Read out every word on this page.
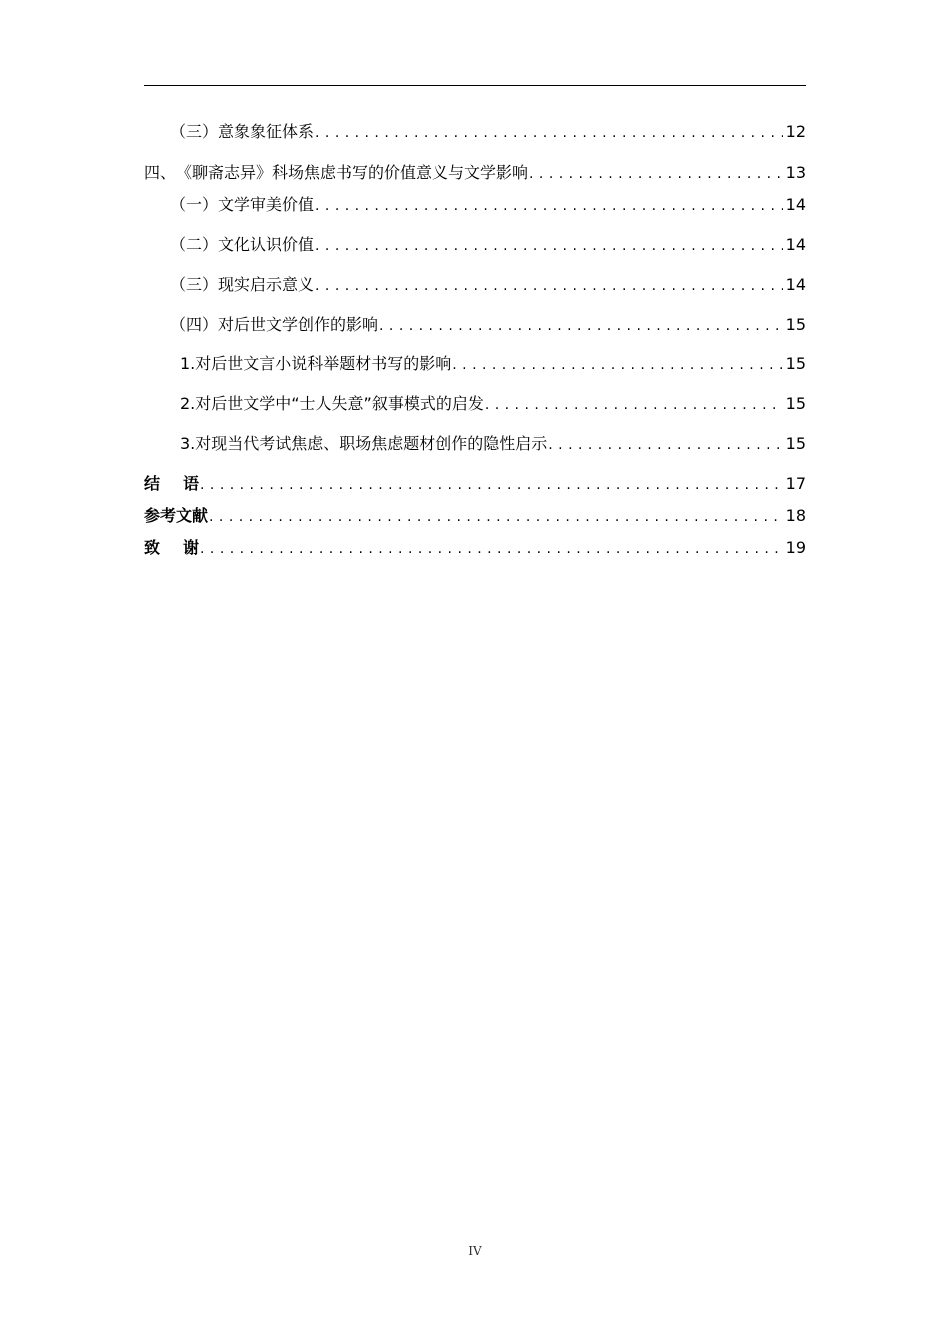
（三） 意象象征体系 . . .	12
四、 《聊斋志异》科场焦虑书写的价值意义与文学影响 . . .	13
（一） 文学审美价值 . . .	14
（二） 文化认识价值 . . .	14
（三） 现实启示意义 . . .	14
（四） 对后世文学创作的影响 . . .	15
1. 对后世文言小说科举题材书写的影响 . . .	15
2. 对后世文学中“士人失意”叙事模式的启发 . . .	15
3. 对现当代考试焦虑、职场焦虑题材创作的隐性启示 . . .	15
结 语 . . .	17
参考文献 . . .	18
致 谢 . . .	19
IV
